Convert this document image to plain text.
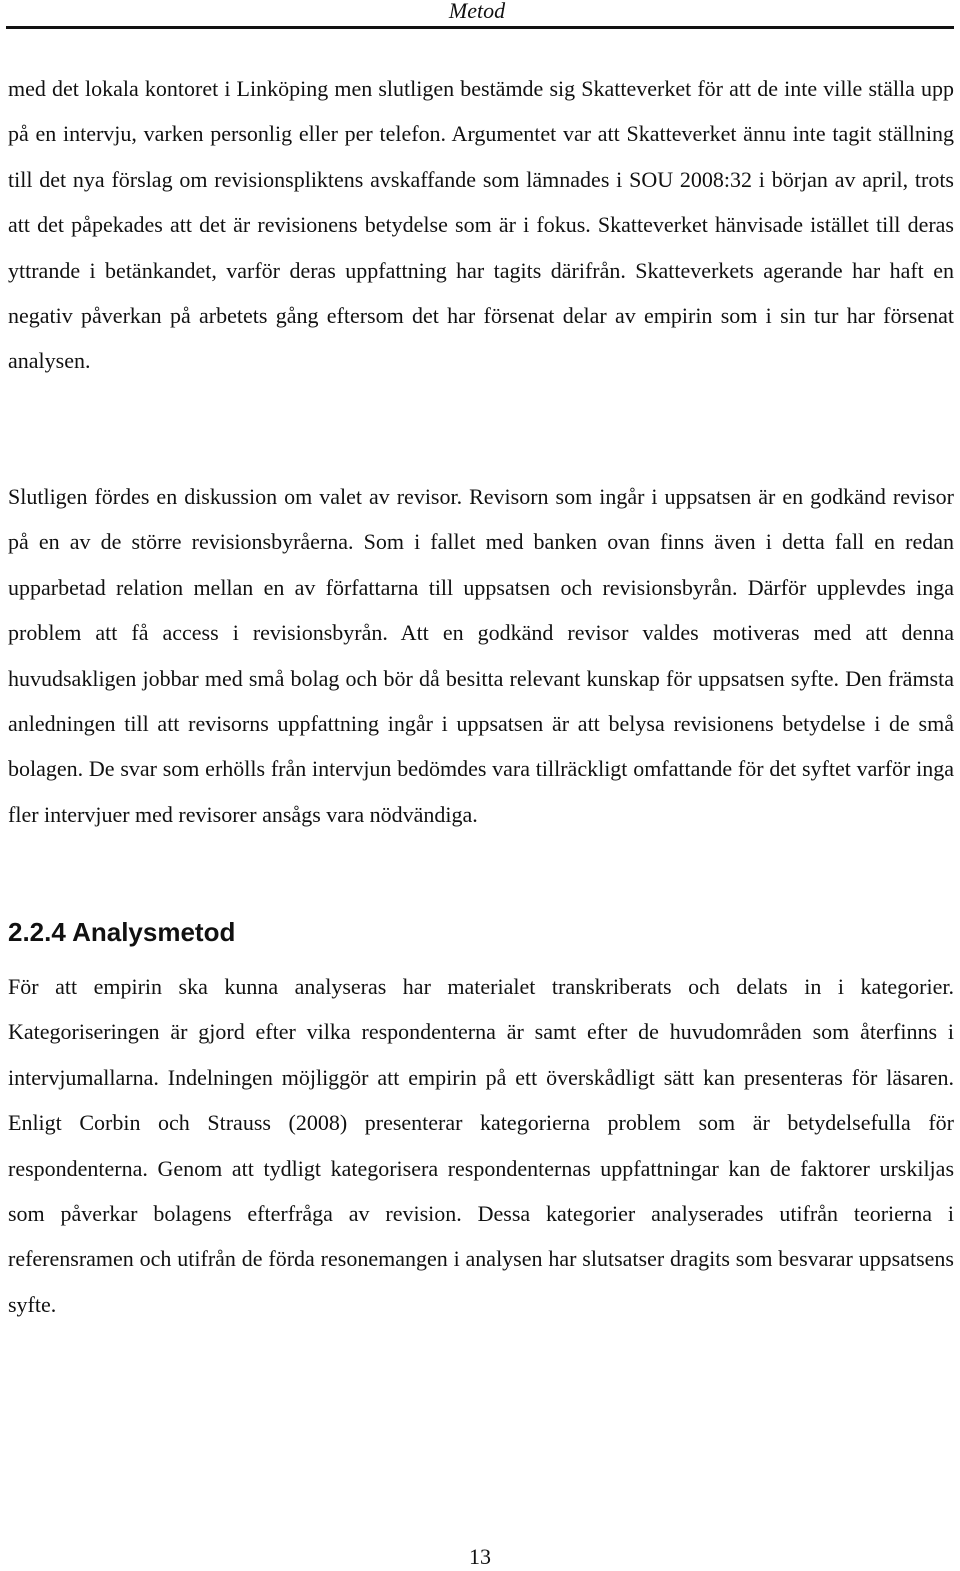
Metod

med det lokala kontoret i Linköping men slutligen bestämde sig Skatteverket för att de inte ville ställa upp på en intervju, varken personlig eller per telefon. Argumentet var att Skatteverket ännu inte tagit ställning till det nya förslag om revisionspliktens avskaffande som lämnades i SOU 2008:32 i början av april, trots att det påpekades att det är revisionens betydelse som är i fokus. Skatteverket hänvisade istället till deras yttrande i betänkandet, varför deras uppfattning har tagits därifrån. Skatteverkets agerande har haft en negativ påverkan på arbetets gång eftersom det har försenat delar av empirin som i sin tur har försenat analysen.

Slutligen fördes en diskussion om valet av revisor. Revisorn som ingår i uppsatsen är en godkänd revisor på en av de större revisionsbyråerna. Som i fallet med banken ovan finns även i detta fall en redan upparbetad relation mellan en av författarna till uppsatsen och revisionsbyrån. Därför upplevdes inga problem att få access i revisionsbyrån. Att en godkänd revisor valdes motiveras med att denna huvudsakligen jobbar med små bolag och bör då besitta relevant kunskap för uppsatsen syfte. Den främsta anledningen till att revisorns uppfattning ingår i uppsatsen är att belysa revisionens betydelse i de små bolagen. De svar som erhölls från intervjun bedömdes vara tillräckligt omfattande för det syftet varför inga fler intervjuer med revisorer ansågs vara nödvändiga.

2.2.4 Analysmetod

För att empirin ska kunna analyseras har materialet transkriberats och delats in i kategorier. Kategoriseringen är gjord efter vilka respondenterna är samt efter de huvudområden som återfinns i intervjumallarna. Indelningen möjliggör att empirin på ett överskådligt sätt kan presenteras för läsaren. Enligt Corbin och Strauss (2008) presenterar kategorierna problem som är betydelsefulla för respondenterna. Genom att tydligt kategorisera respondenternas uppfattningar kan de faktorer urskiljas som påverkar bolagens efterfråga av revision. Dessa kategorier analyserades utifrån teorierna i referensramen och utifrån de förda resonemangen i analysen har slutsatser dragits som besvarar uppsatsens syfte.

13
